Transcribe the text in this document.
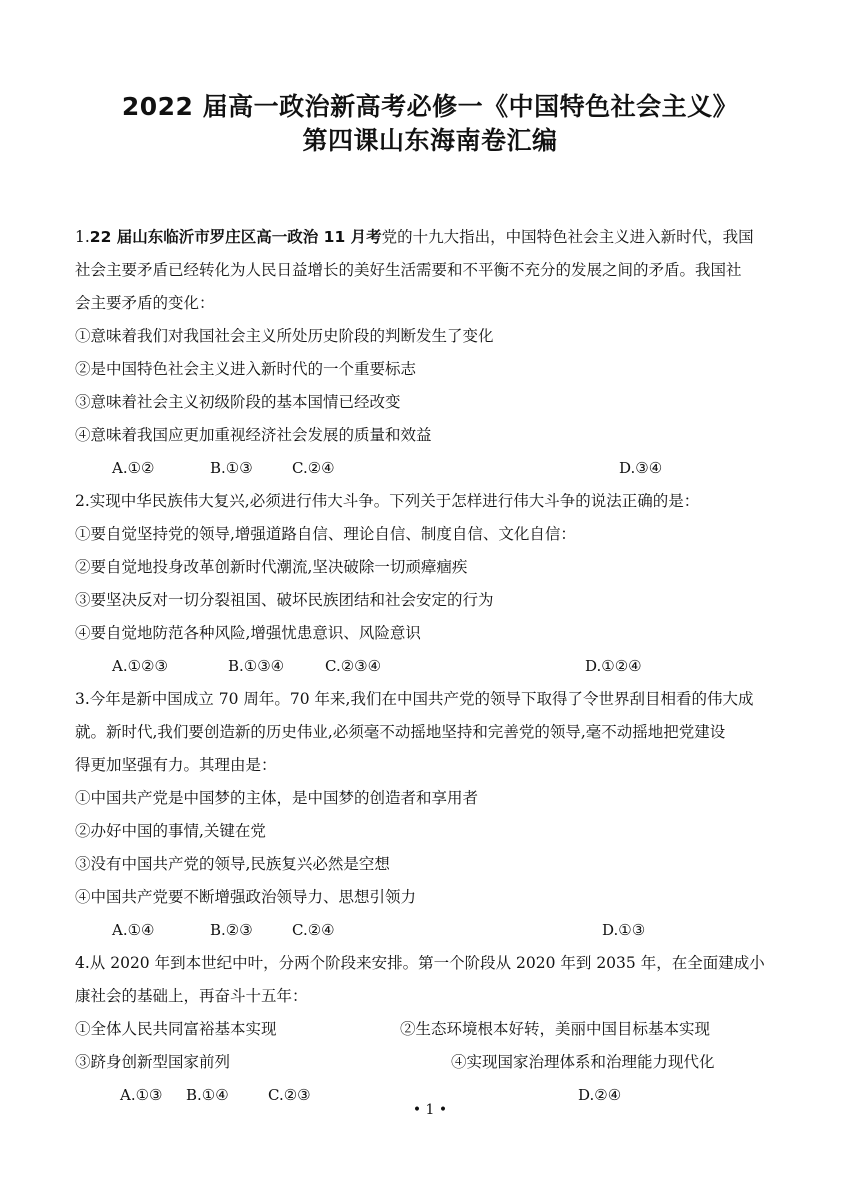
2022 届高一政治新高考必修一《中国特色社会主义》
第四课山东海南卷汇编
1.22 届山东临沂市罗庄区高一政治 11 月考党的十九大指出，中国特色社会主义进入新时代，我国
社会主要矛盾已经转化为人民日益增长的美好生活需要和不平衡不充分的发展之间的矛盾。我国社
会主要矛盾的变化：
①意味着我们对我国社会主义所处历史阶段的判断发生了变化
②是中国特色社会主义进入新时代的一个重要标志
③意味着社会主义初级阶段的基本国情已经改变
④意味着我国应更加重视经济社会发展的质量和效益
A.①②	B.①③	C.②④	D.③④
2.实现中华民族伟大复兴,必须进行伟大斗争。下列关于怎样进行伟大斗争的说法正确的是：
①要自觉坚持党的领导,增强道路自信、理论自信、制度自信、文化自信：
②要自觉地投身改革创新时代潮流,坚决破除一切顽瘴痼疾
③要坚决反对一切分裂祖国、破坏民族团结和社会安定的行为
④要自觉地防范各种风险,增强忧患意识、风险意识
A.①②③	B.①③④	C.②③④	D.①②④
3.今年是新中国成立 70 周年。70 年来,我们在中国共产党的领导下取得了令世界刮目相看的伟大成
就。新时代,我们要创造新的历史伟业,必须毫不动摇地坚持和完善党的领导,毫不动摇地把党建设
得更加坚强有力。其理由是：
①中国共产党是中国梦的主体，是中国梦的创造者和享用者
②办好中国的事情,关键在党
③没有中国共产党的领导,民族复兴必然是空想
④中国共产党要不断增强政治领导力、思想引领力
A.①④	B.②③	C.②④	D.①③
4.从 2020 年到本世纪中叶，分两个阶段来安排。第一个阶段从 2020 年到 2035 年，在全面建成小
康社会的基础上，再奋斗十五年：
①全体人民共同富裕基本实现	②生态环境根本好转，美丽中国目标基本实现
③跻身创新型国家前列	④实现国家治理体系和治理能力现代化
A.①③ B.①④	C.②③	D.②④
• 1 •
